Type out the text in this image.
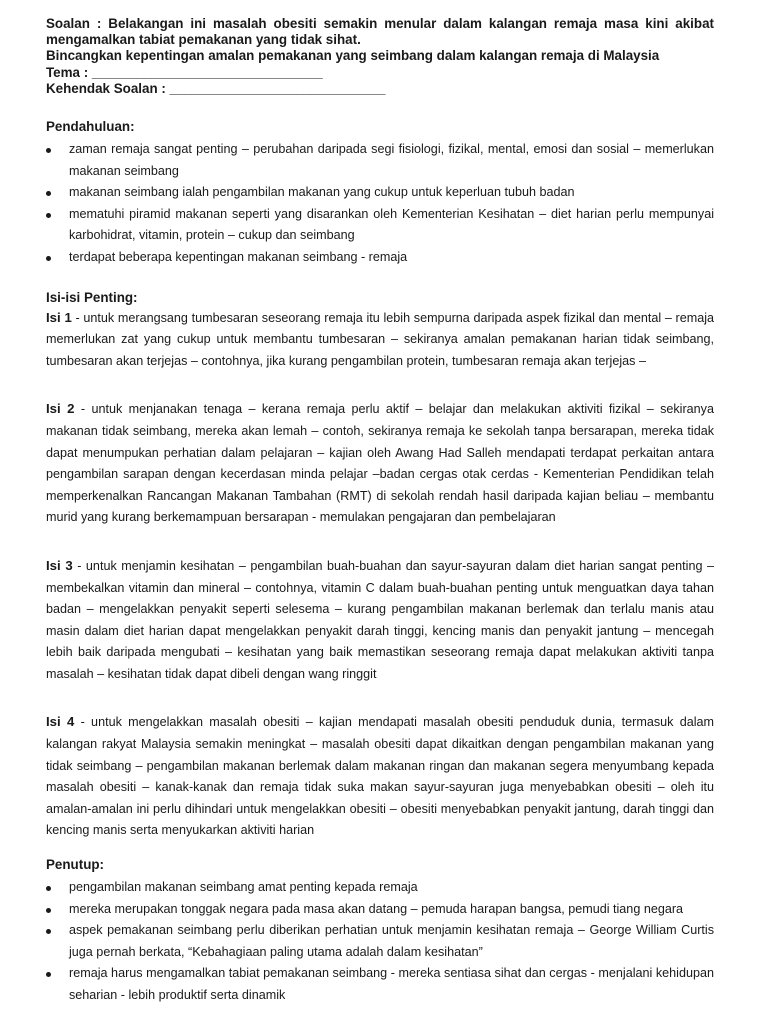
Soalan : Belakangan ini masalah obesiti semakin menular dalam kalangan remaja masa kini akibat mengamalkan tabiat pemakanan yang tidak sihat.

Bincangkan kepentingan amalan pemakanan yang seimbang dalam kalangan remaja di Malaysia

Tema : _______________________________

Kehendak Soalan : _____________________________

Pendahuluan:

zaman remaja sangat penting – perubahan daripada segi fisiologi, fizikal, mental, emosi dan sosial – memerlukan makanan seimbang
makanan seimbang ialah pengambilan makanan yang cukup untuk keperluan tubuh badan
mematuhi piramid makanan seperti yang disarankan oleh Kementerian Kesihatan – diet harian perlu mempunyai karbohidrat, vitamin, protein – cukup dan seimbang
terdapat beberapa kepentingan makanan seimbang - remaja

Isi-isi Penting:

Isi 1 - untuk merangsang tumbesaran seseorang remaja itu lebih sempurna daripada aspek fizikal dan mental – remaja memerlukan zat yang cukup untuk membantu tumbesaran – sekiranya amalan pemakanan harian tidak seimbang, tumbesaran akan terjejas – contohnya, jika kurang pengambilan protein, tumbesaran remaja akan terjejas –

Isi 2 - untuk menjanakan tenaga – kerana remaja perlu aktif – belajar dan melakukan aktiviti fizikal – sekiranya makanan tidak seimbang, mereka akan lemah – contoh, sekiranya remaja ke sekolah tanpa bersarapan, mereka tidak dapat menumpukan perhatian dalam pelajaran – kajian oleh Awang Had Salleh mendapati terdapat perkaitan antara pengambilan sarapan dengan kecerdasan minda pelajar –badan cergas otak cerdas - Kementerian Pendidikan telah memperkenalkan Rancangan Makanan Tambahan (RMT) di sekolah rendah hasil daripada kajian beliau – membantu murid yang kurang berkemampuan bersarapan - memulakan pengajaran dan pembelajaran

Isi 3 - untuk menjamin kesihatan – pengambilan buah-buahan dan sayur-sayuran dalam diet harian sangat penting – membekalkan vitamin dan mineral – contohnya, vitamin C dalam buah-buahan penting untuk menguatkan daya tahan badan – mengelakkan penyakit seperti selesema – kurang pengambilan makanan berlemak dan terlalu manis atau masin dalam diet harian dapat mengelakkan penyakit darah tinggi, kencing manis dan penyakit jantung – mencegah lebih baik daripada mengubati – kesihatan yang baik memastikan seseorang remaja dapat melakukan aktiviti tanpa masalah – kesihatan tidak dapat dibeli dengan wang ringgit

Isi 4 - untuk mengelakkan masalah obesiti – kajian mendapati masalah obesiti penduduk dunia, termasuk dalam kalangan rakyat Malaysia semakin meningkat – masalah obesiti dapat dikaitkan dengan pengambilan makanan yang tidak seimbang – pengambilan makanan berlemak dalam makanan ringan dan makanan segera menyumbang kepada masalah obesiti – kanak-kanak dan remaja tidak suka makan sayur-sayuran juga menyebabkan obesiti – oleh itu amalan-amalan ini perlu dihindari untuk mengelakkan obesiti – obesiti menyebabkan penyakit jantung, darah tinggi dan kencing manis serta menyukarkan aktiviti harian

Penutup:

pengambilan makanan seimbang amat penting kepada remaja
mereka merupakan tonggak negara pada masa akan datang – pemuda harapan bangsa, pemudi tiang negara
aspek pemakanan seimbang perlu diberikan perhatian untuk menjamin kesihatan remaja – George William Curtis juga pernah berkata, “Kebahagiaan paling utama adalah dalam kesihatan”
remaja harus mengamalkan tabiat pemakanan seimbang - mereka sentiasa sihat dan cergas - menjalani kehidupan seharian - lebih produktif serta dinamik
